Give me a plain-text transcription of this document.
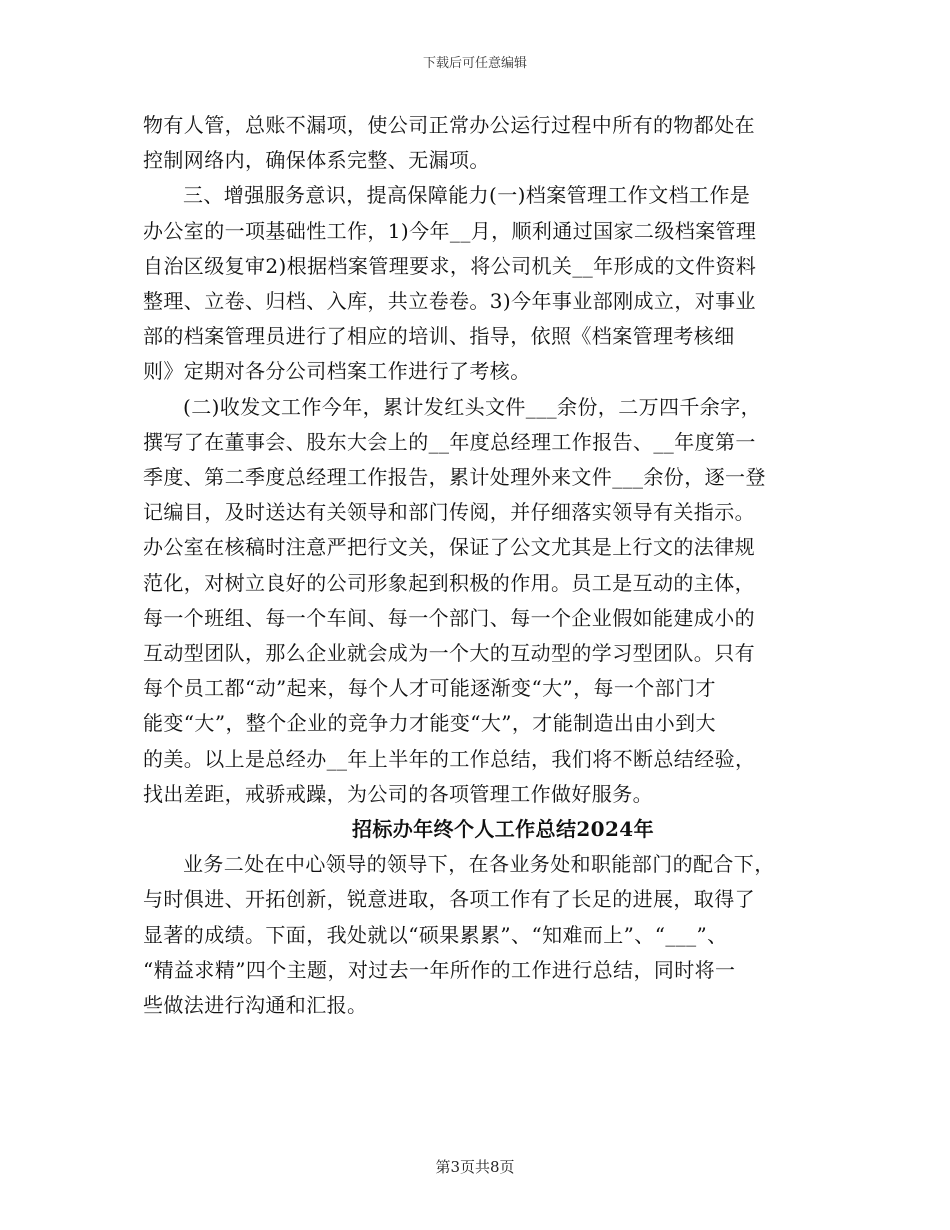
下载后可任意编辑
物有人管，总账不漏项，使公司正常办公运行过程中所有的物都处在
控制网络内，确保体系完整、无漏项。
三、增强服务意识，提高保障能力(一)档案管理工作文档工作是
办公室的一项基础性工作，1)今年__月，顺利通过国家二级档案管理
自治区级复审2)根据档案管理要求，将公司机关__年形成的文件资料
整理、立卷、归档、入库，共立卷卷。3)今年事业部刚成立，对事业
部的档案管理员进行了相应的培训、指导，依照《档案管理考核细
则》定期对各分公司档案工作进行了考核。
(二)收发文工作今年，累计发红头文件___余份，二万四千余字，
撰写了在董事会、股东大会上的__年度总经理工作报告、__年度第一
季度、第二季度总经理工作报告，累计处理外来文件___余份，逐一登
记编目，及时送达有关领导和部门传阅，并仔细落实领导有关指示。
办公室在核稿时注意严把行文关，保证了公文尤其是上行文的法律规
范化，对树立良好的公司形象起到积极的作用。员工是互动的主体，
每一个班组、每一个车间、每一个部门、每一个企业假如能建成小的
互动型团队，那么企业就会成为一个大的互动型的学习型团队。只有
每个员工都“动”起来，每个人才可能逐渐变“大”，每一个部门才
能变“大”，整个企业的竞争力才能变“大”，才能制造出由小到大
的美。以上是总经办__年上半年的工作总结，我们将不断总结经验，
找出差距，戒骄戒躁，为公司的各项管理工作做好服务。
招标办年终个人工作总结2024年
业务二处在中心领导的领导下，在各业务处和职能部门的配合下，
与时俱进、开拓创新，锐意进取，各项工作有了长足的进展，取得了
显著的成绩。下面，我处就以“硕果累累”、“知难而上”、“___”、
“精益求精”四个主题，对过去一年所作的工作进行总结，同时将一
些做法进行沟通和汇报。
第3页共8页
